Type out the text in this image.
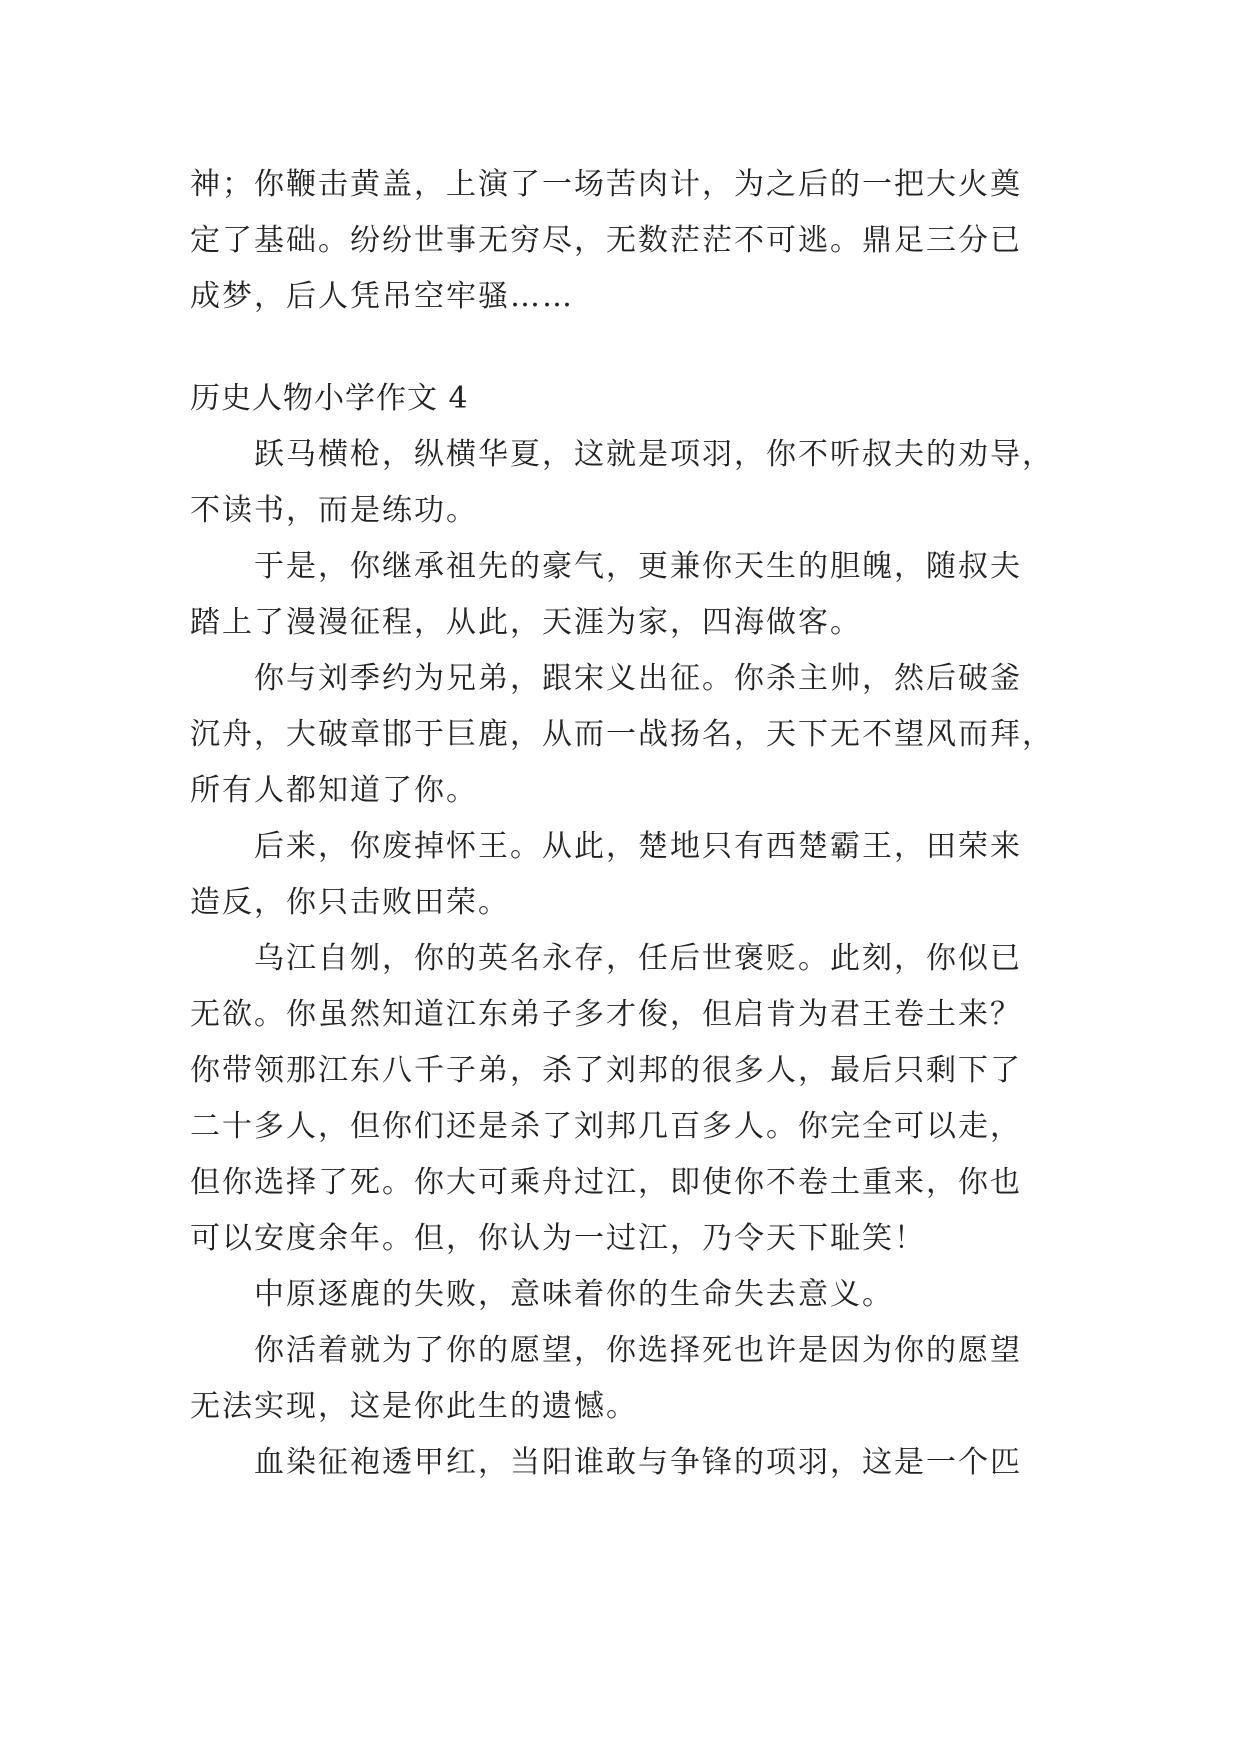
神；你鞭击黄盖，上演了一场苦肉计，为之后的一把大火奠
定了基础。纷纷世事无穷尽，无数茫茫不可逃。鼎足三分已
成梦，后人凭吊空牢骚……
历史人物小学作文 4
跃马横枪，纵横华夏，这就是项羽，你不听叔夫的劝导，
不读书，而是练功。
于是，你继承祖先的豪气，更兼你天生的胆魄，随叔夫
踏上了漫漫征程，从此，天涯为家，四海做客。
你与刘季约为兄弟，跟宋义出征。你杀主帅，然后破釜
沉舟，大破章邯于巨鹿，从而一战扬名，天下无不望风而拜，
所有人都知道了你。
后来，你废掉怀王。从此，楚地只有西楚霸王，田荣来
造反，你只击败田荣。
乌江自刎，你的英名永存，任后世褒贬。此刻，你似已
无欲。你虽然知道江东弟子多才俊，但启肯为君王卷土来？
你带领那江东八千子弟，杀了刘邦的很多人，最后只剩下了
二十多人，但你们还是杀了刘邦几百多人。你完全可以走，
但你选择了死。你大可乘舟过江，即使你不卷土重来，你也
可以安度余年。但，你认为一过江，乃令天下耻笑！
中原逐鹿的失败，意味着你的生命失去意义。
你活着就为了你的愿望，你选择死也许是因为你的愿望
无法实现，这是你此生的遗憾。
血染征袍透甲红，当阳谁敢与争锋的项羽，这是一个匹
